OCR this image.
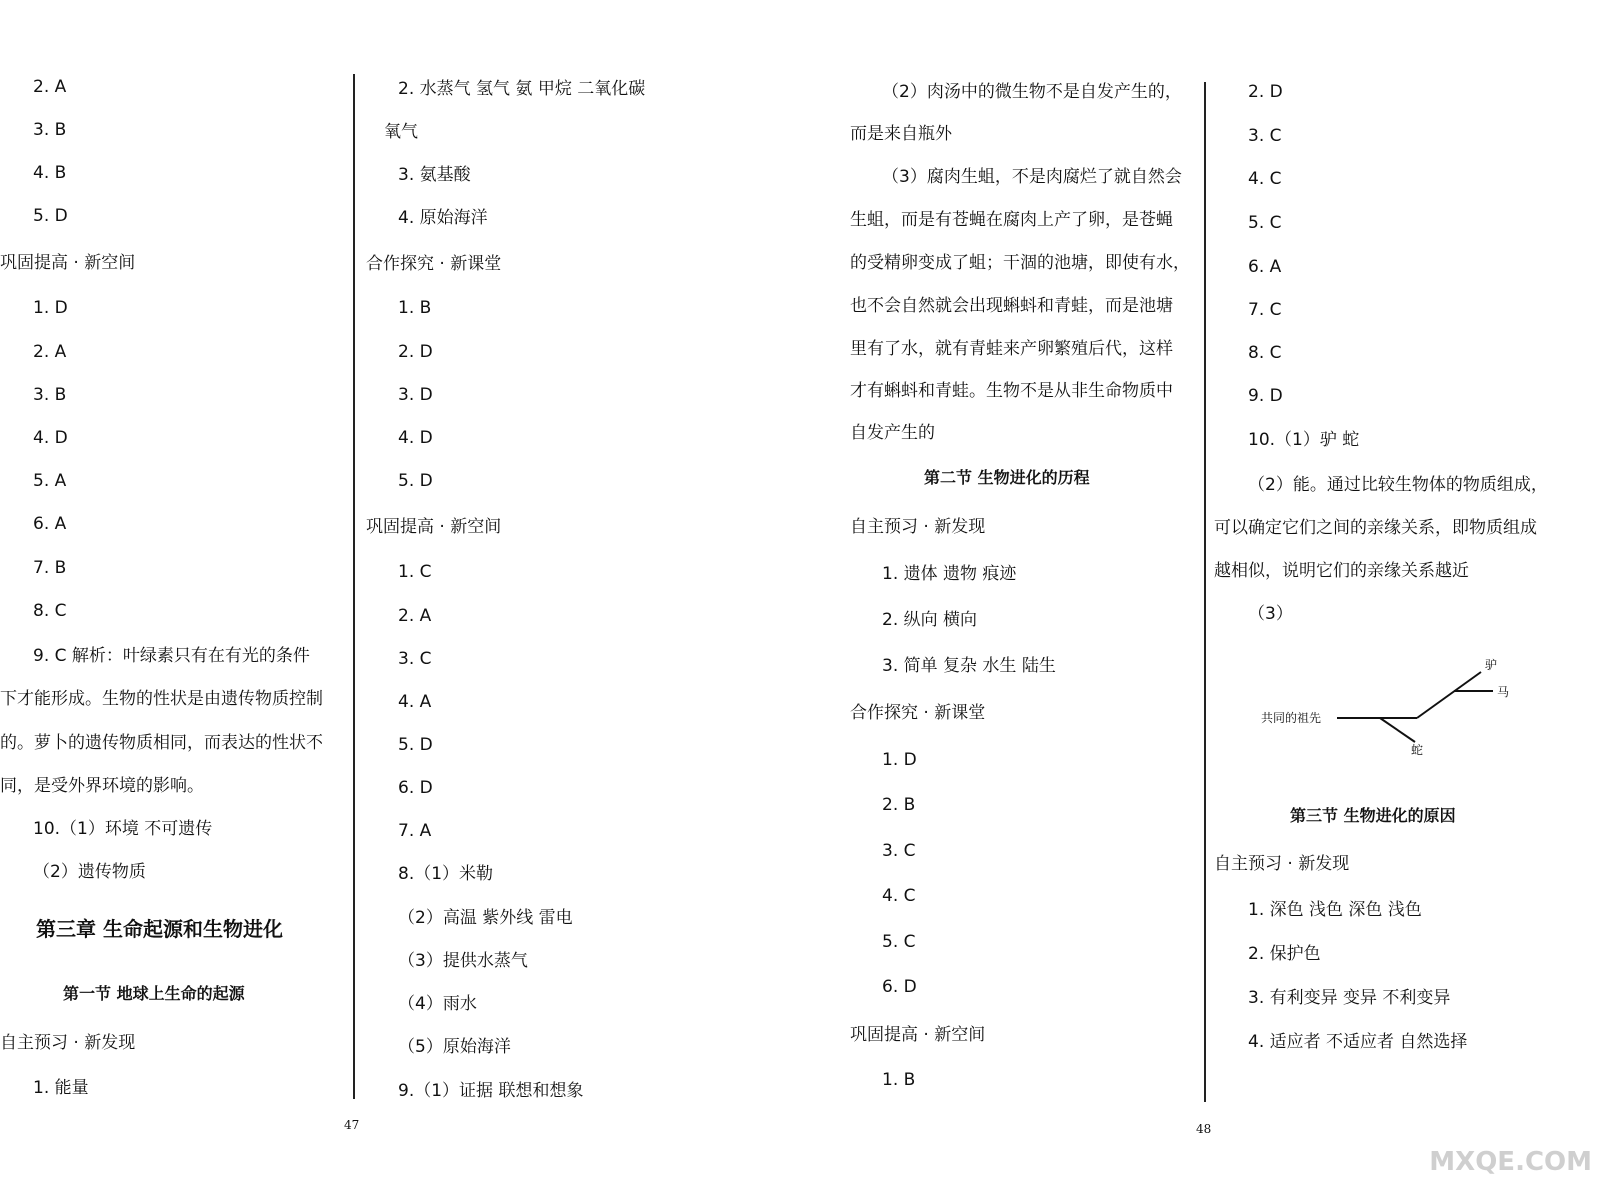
2. A
3. B
4. B
5. D
巩固提高 · 新空间
1. D
2. A
3. B
4. D
5. A
6. A
7. B
8. C
9. C 解析：叶绿素只有在有光的条件
下才能形成。生物的性状是由遗传物质控制
的。萝卜的遗传物质相同，而表达的性状不
同，是受外界环境的影响。
10.（1）环境 不可遗传
（2）遗传物质
第三章 生命起源和生物进化
第一节 地球上生命的起源
自主预习 · 新发现
1. 能量
2. 水蒸气 氢气 氨 甲烷 二氧化碳
氧气
3. 氨基酸
4. 原始海洋
合作探究 · 新课堂
1. B
2. D
3. D
4. D
5. D
巩固提高 · 新空间
1. C
2. A
3. C
4. A
5. D
6. D
7. A
8.（1）米勒
（2）高温 紫外线 雷电
（3）提供水蒸气
（4）雨水
（5）原始海洋
9.（1）证据 联想和想象
47
（2）肉汤中的微生物不是自发产生的，
而是来自瓶外
（3）腐肉生蛆，不是肉腐烂了就自然会
生蛆，而是有苍蝇在腐肉上产了卵，是苍蝇
的受精卵变成了蛆；干涸的池塘，即使有水，
也不会自然就会出现蝌蚪和青蛙，而是池塘
里有了水，就有青蛙来产卵繁殖后代，这样
才有蝌蚪和青蛙。生物不是从非生命物质中
自发产生的
第二节 生物进化的历程
自主预习 · 新发现
1. 遗体 遗物 痕迹
2. 纵向 横向
3. 简单 复杂 水生 陆生
合作探究 · 新课堂
1. D
2. B
3. C
4. C
5. C
6. D
巩固提高 · 新空间
1. B
2. D
3. C
4. C
5. C
6. A
7. C
8. C
9. D
10.（1）驴 蛇
（2）能。通过比较生物体的物质组成，
可以确定它们之间的亲缘关系，即物质组成
越相似，说明它们的亲缘关系越近
（3）
共同的祖先
驴
马
蛇
第三节 生物进化的原因
自主预习 · 新发现
1. 深色 浅色 深色 浅色
2. 保护色
3. 有利变异 变异 不利变异
4. 适应者 不适应者 自然选择
48
MXQE.COM
